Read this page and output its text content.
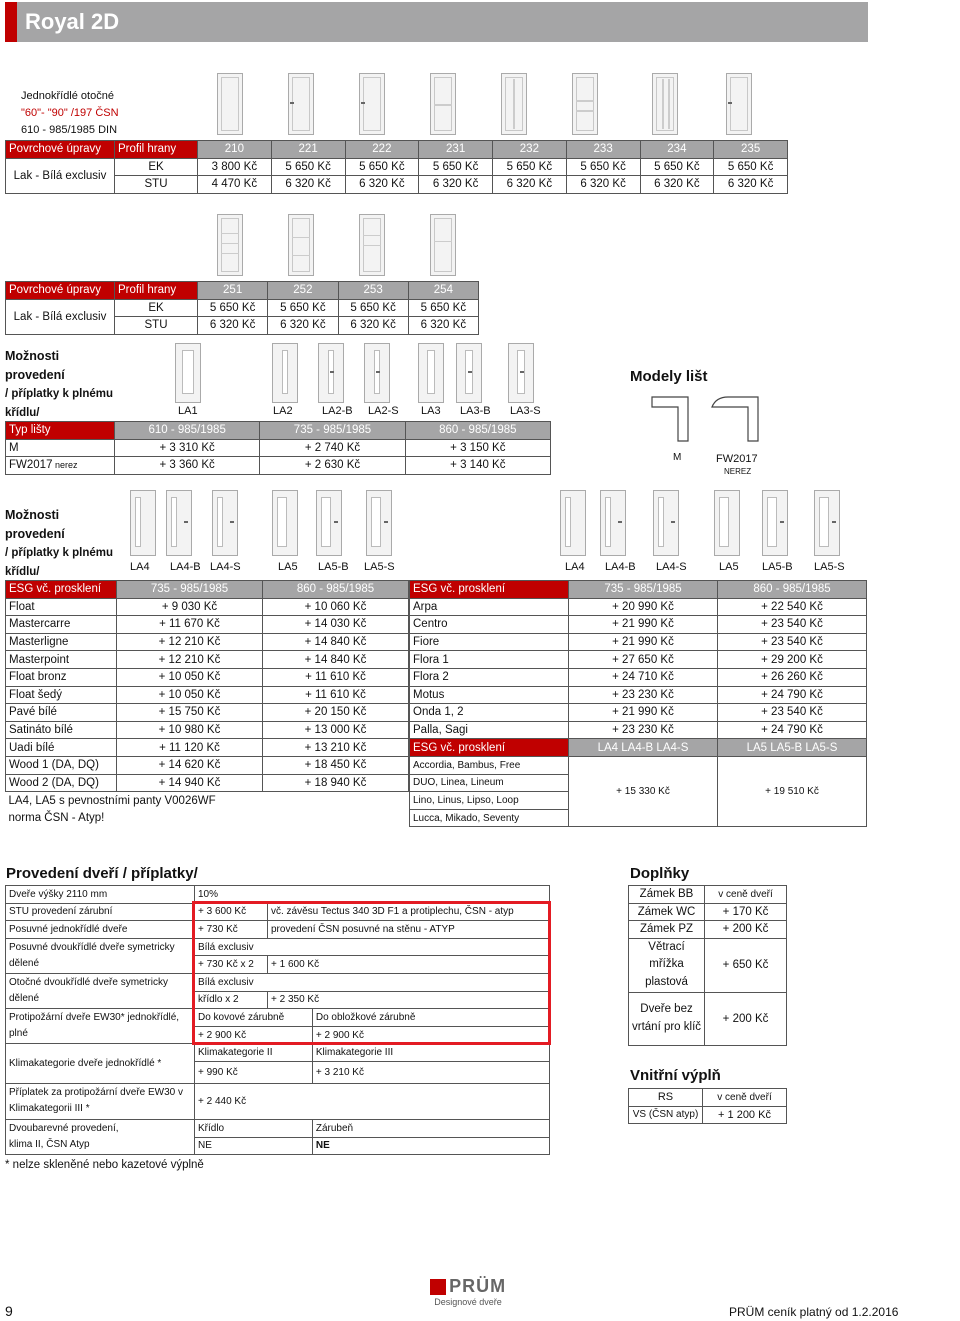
Royal 2D
Jednokřídlé otočné
"60"- "90" /197 ČSN
610 - 985/1985 DIN
Povrchové úpravy	Profil hrany	210	221	222	231	232	233	234	235
Lak - Bílá exclusiv	EK	3 800 Kč	5 650 Kč	5 650 Kč	5 650 Kč	5 650 Kč	5 650 Kč	5 650 Kč	5 650 Kč
	STU	4 470 Kč	6 320 Kč	6 320 Kč	6 320 Kč	6 320 Kč	6 320 Kč	6 320 Kč	6 320 Kč
Povrchové úpravy	Profil hrany	251	252	253	254
Lak - Bílá exclusiv	EK	5 650 Kč	5 650 Kč	5 650 Kč	5 650 Kč
	STU	6 320 Kč	6 320 Kč	6 320 Kč	6 320 Kč
Možnosti
provedení
/ příplatky k plnému
křídlu/	LA1	LA2	LA2-B LA2-S LA3 LA3-B LA3-S
Typ lišty	610 - 985/1985	735 - 985/1985	860 - 985/1985
M	+ 3 310 Kč	+ 2 740 Kč	+ 3 150 Kč
FW2017 nerez	+ 3 360 Kč	+ 2 630 Kč	+ 3 140 Kč
Modely lišt
M	FW2017
NEREZ
Možnosti
provedení
/ příplatky k plnému
křídlu/	LA4 LA4-B LA4-S	LA5 LA5-B LA5-S	LA4 LA4-B LA4-S	LA5 LA5-B LA5-S
ESG vč. prosklení	735 - 985/1985	860 - 985/1985
Float	+ 9 030 Kč	+ 10 060 Kč
Mastercarre	+ 11 670 Kč	+ 14 030 Kč
Masterligne	+ 12 210 Kč	+ 14 840 Kč
Masterpoint	+ 12 210 Kč	+ 14 840 Kč
Float bronz	+ 10 050 Kč	+ 11 610 Kč
Float šedý	+ 10 050 Kč	+ 11 610 Kč
Pavé bílé	+ 15 750 Kč	+ 20 150 Kč
Satináto bílé	+ 10 980 Kč	+ 13 000 Kč
Uadi bílé	+ 11 120 Kč	+ 13 210 Kč
Wood 1 (DA, DQ)	+ 14 620 Kč	+ 18 450 Kč
Wood 2 (DA, DQ)	+ 14 940 Kč	+ 18 940 Kč
LA4, LA5 s pevnostními panty V0026WF		
norma ČSN - Atyp!		
ESG vč. prosklení	735 - 985/1985	860 - 985/1985
Arpa	+ 20 990 Kč	+ 22 540 Kč
Centro	+ 21 990 Kč	+ 23 540 Kč
Fiore	+ 21 990 Kč	+ 23 540 Kč
Flora 1	+ 27 650 Kč	+ 29 200 Kč
Flora 2	+ 24 710 Kč	+ 26 260 Kč
Motus	+ 23 230 Kč	+ 24 790 Kč
Onda 1, 2	+ 21 990 Kč	+ 23 540 Kč
Palla, Sagi	+ 23 230 Kč	+ 24 790 Kč
ESG vč. prosklení	LA4 LA4-B LA4-S	LA5 LA5-B LA5-S
Accordia, Bambus, Free	+ 15 330 Kč	+ 19 510 Kč
DUO, Linea, Lineum		
Lino, Linus, Lipso, Loop		
Lucca, Mikado, Seventy		
Provedení dveří / příplatky/
Dveře výšky 2110 mm	10%		
STU provedení zárubní	+ 3 600 Kč	vč. závěsu Tectus 340 3D F1 a protiplechu, ČSN - atyp	
Posuvné jednokřídlé dveře	+ 730 Kč	provedení ČSN posuvné na stěnu - ATYP	

Posuvné dvoukřídlé dveře symetricky
dělené	Bílá exclusiv		
	+ 730 Kč x 2	+ 1 600 Kč	

Otočné dvoukřídlé dveře symetricky
dělené	Bílá exclusiv		
	křídlo x 2	+ 2 350 Kč	

Protipožární dveře EW30* jednokřídlé,
plné	Do kovové zárubně		Do obložkové zárubně
	+ 2 900 Kč		+ 2 900 Kč
Klimakategorie dveře jednokřídlé *	Klimakategorie II		Klimakategorie III
	+ 990 Kč		+ 3 210 Kč

Příplatek za protipožární dveře EW30 v
Klimakategorii III *	+ 2 440 Kč		

Dvoubarevné provedení,
klima II, ČSN Atyp	Křídlo		Zárubeň
	NE		NE
* nelze skleněné nebo kazetové výplně
Doplňky
Zámek BB	v ceně dveří
Zámek WC	+ 170 Kč
Zámek PZ	+ 200 Kč

Větrací
mřížka
plastová	+ 650 Kč

Dveře bez
vrtání pro klíč	+ 200 Kč
Vnitřní výplň
RS	v ceně dveří
VS (ČSN atyp)	+ 1 200 Kč
PRÜM
Designové dveře
9	PRÜM ceník platný od 1.2.2016
